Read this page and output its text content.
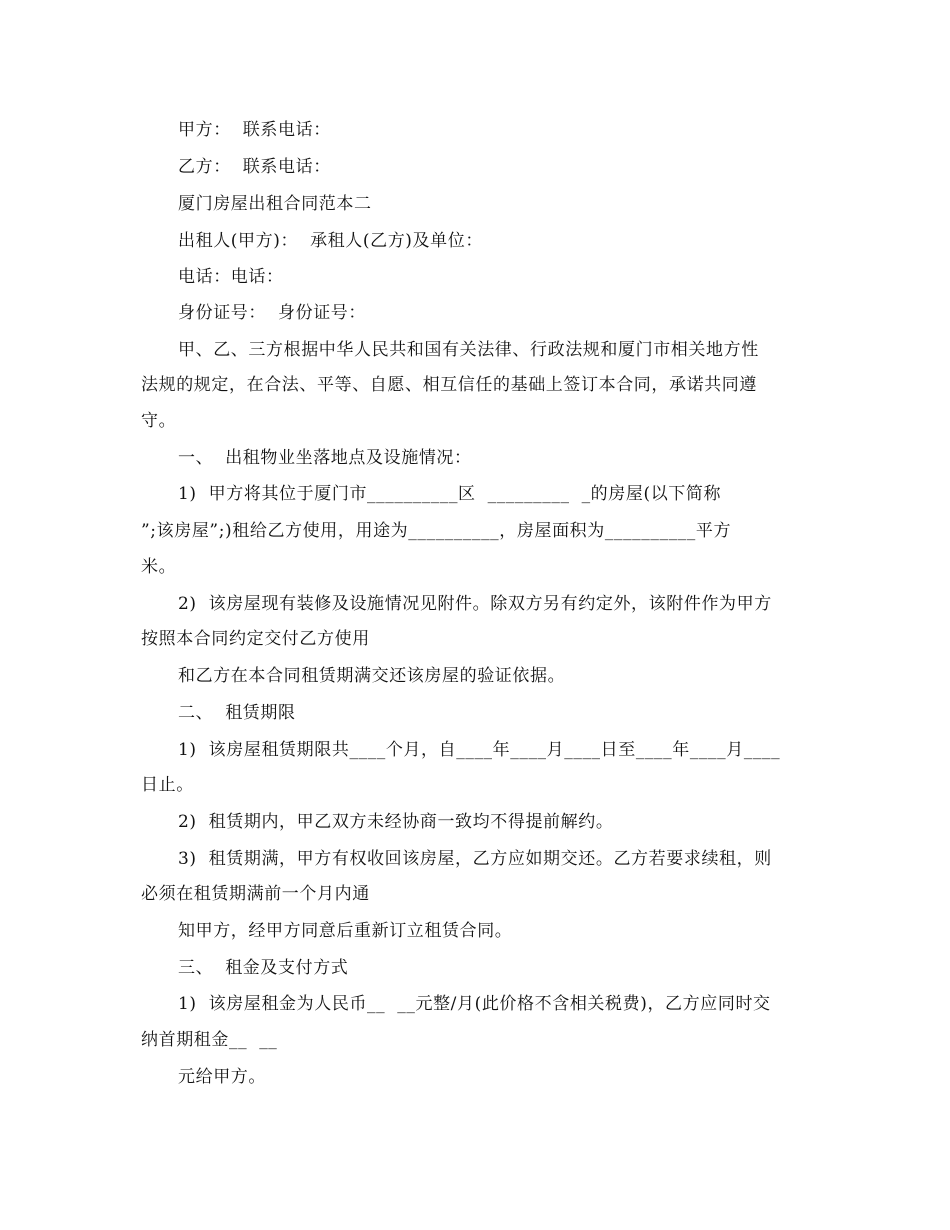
甲方：  联系电话：
乙方：  联系电话：
厦门房屋出租合同范本二
出租人(甲方)：  承租人(乙方)及单位：
电话：电话：
身份证号：  身份证号：
甲、乙、三方根据中华人民共和国有关法律、行政法规和厦门市相关地方性
法规的规定，在合法、平等、自愿、相互信任的基础上签订本合同，承诺共同遵
守。
一、  出租物业坐落地点及设施情况：
1)  甲方将其位于厦门市__________区  _________  _的房屋(以下简称
”;该房屋”;)租给乙方使用，用途为__________，房屋面积为__________平方
米。
2)  该房屋现有装修及设施情况见附件。除双方另有约定外，该附件作为甲方
按照本合同约定交付乙方使用
和乙方在本合同租赁期满交还该房屋的验证依据。
二、  租赁期限
1)  该房屋租赁期限共____个月，自____年____月____日至____年____月____
日止。
2)  租赁期内，甲乙双方未经协商一致均不得提前解约。
3)  租赁期满，甲方有权收回该房屋，乙方应如期交还。乙方若要求续租，则
必须在租赁期满前一个月内通
知甲方，经甲方同意后重新订立租赁合同。
三、  租金及支付方式
1)  该房屋租金为人民币__  __元整/月(此价格不含相关税费)，乙方应同时交
纳首期租金__  __
元给甲方。
